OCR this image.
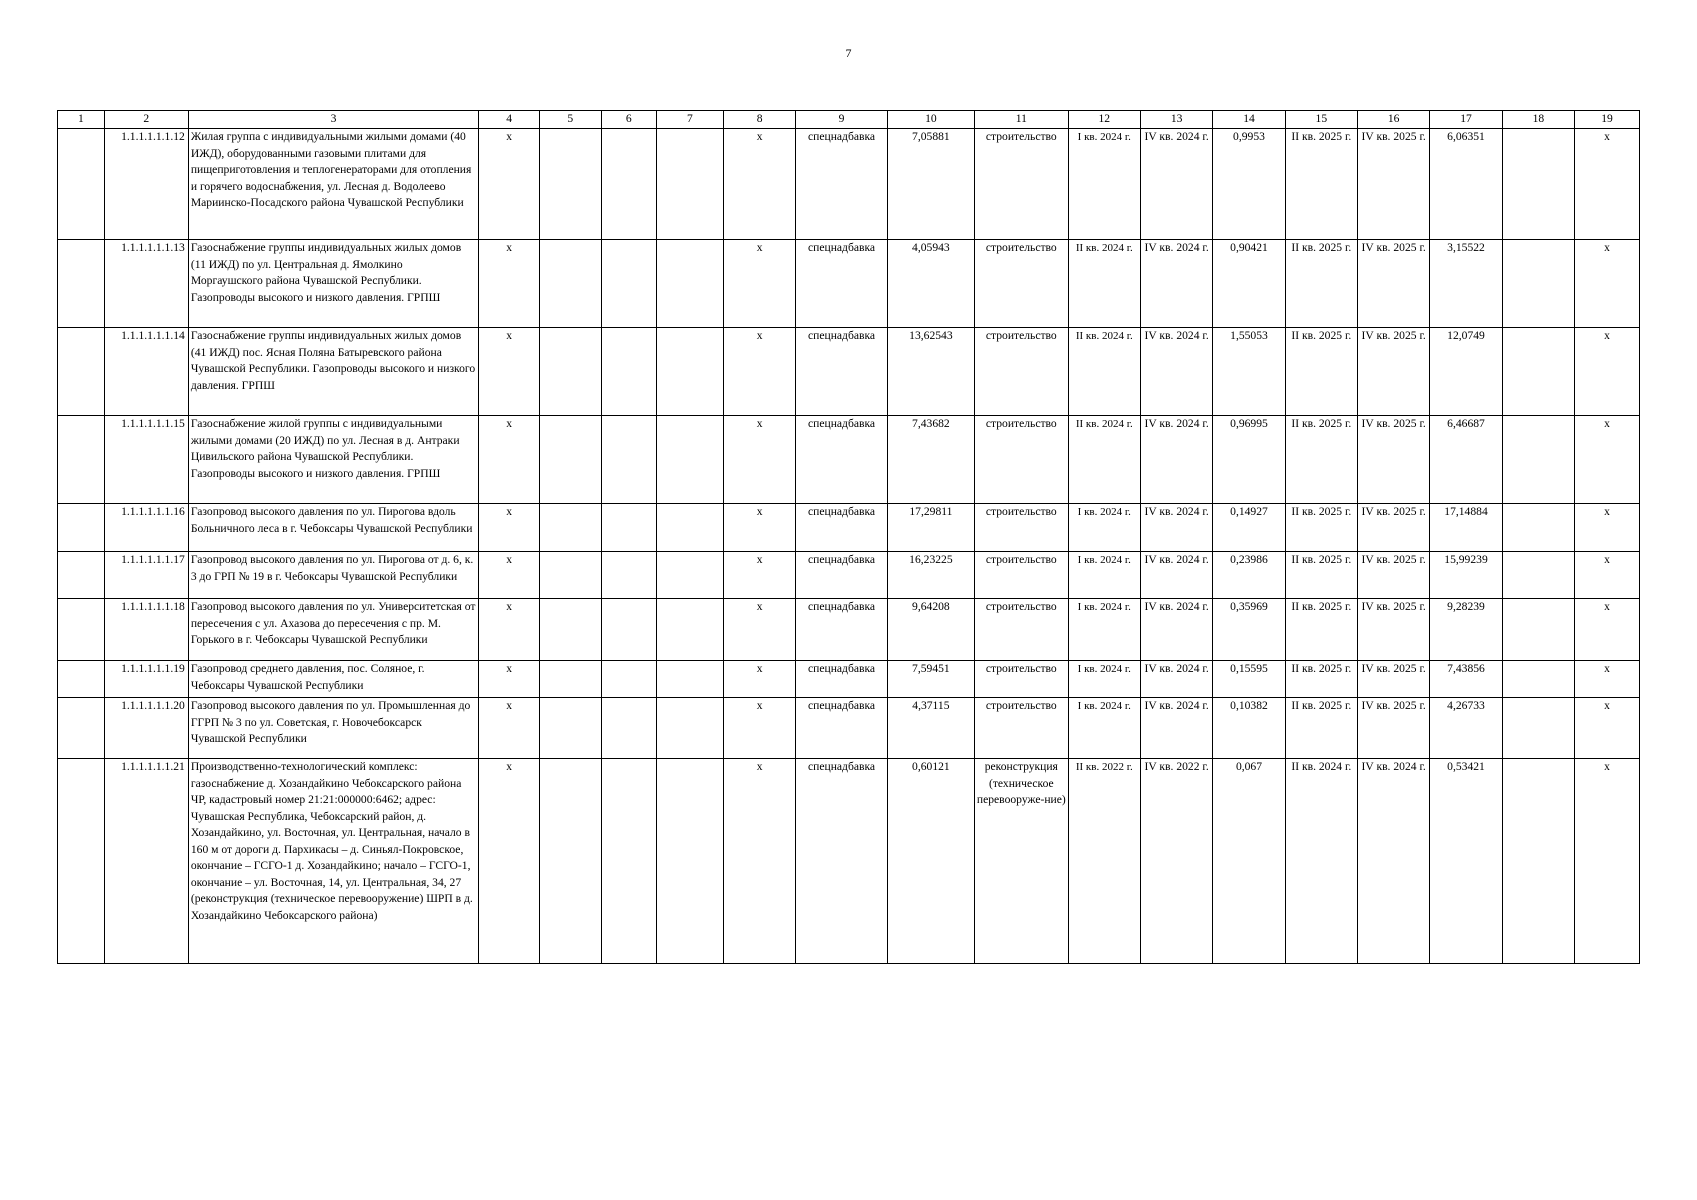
7
1	2	3	4	5	6	7	8	9	10	11	12	13	14	15	16	17	18	19
	1.1.1.1.1.1.12	Жилая группа с индивидуальными жилыми домами (40 ИЖД), оборудованными газовыми плитами для пищеприготовления и теплогенераторами для отопления и горячего водоснабжения, ул. Лесная д. Водолеево Мариинско-Посадского района Чувашской Республики	x				x	спецнадбавка	7,05881	строительство	I кв. 2024 г.	IV кв. 2024 г.	0,9953	II кв. 2025 г.	IV кв. 2025 г.	6,06351		x
	1.1.1.1.1.1.13	Газоснабжение группы индивидуальных жилых домов (11 ИЖД) по ул. Центральная д. Ямолкино Моргаушского района Чувашской Республики. Газопроводы высокого и низкого давления. ГРПШ	x				x	спецнадбавка	4,05943	строительство	II кв. 2024 г.	IV кв. 2024 г.	0,90421	II кв. 2025 г.	IV кв. 2025 г.	3,15522		x
	1.1.1.1.1.1.14	Газоснабжение группы индивидуальных жилых домов (41 ИЖД) пос. Ясная Поляна Батыревского района Чувашской Республики. Газопроводы высокого и низкого давления. ГРПШ	x				x	спецнадбавка	13,62543	строительство	II кв. 2024 г.	IV кв. 2024 г.	1,55053	II кв. 2025 г.	IV кв. 2025 г.	12,0749		x
	1.1.1.1.1.1.15	Газоснабжение жилой группы с индивидуальными жилыми домами (20 ИЖД) по ул. Лесная в д. Антраки Цивильского района Чувашской Республики. Газопроводы высокого и низкого давления. ГРПШ	x				x	спецнадбавка	7,43682	строительство	II кв. 2024 г.	IV кв. 2024 г.	0,96995	II кв. 2025 г.	IV кв. 2025 г.	6,46687		x
	1.1.1.1.1.1.16	Газопровод высокого давления по ул. Пирогова вдоль Больничного леса в г. Чебоксары Чувашской Республики	x				x	спецнадбавка	17,29811	строительство	I кв. 2024 г.	IV кв. 2024 г.	0,14927	II кв. 2025 г.	IV кв. 2025 г.	17,14884		x
	1.1.1.1.1.1.17	Газопровод высокого давления по ул. Пирогова от д. 6, к. 3 до ГРП № 19 в г. Чебоксары Чувашской Республики	x				x	спецнадбавка	16,23225	строительство	I кв. 2024 г.	IV кв. 2024 г.	0,23986	II кв. 2025 г.	IV кв. 2025 г.	15,99239		x
	1.1.1.1.1.1.18	Газопровод высокого давления по ул. Университетская от пересечения с ул. Ахазова до пересечения с пр. М. Горького в г. Чебоксары Чувашской Республики	x				x	спецнадбавка	9,64208	строительство	I кв. 2024 г.	IV кв. 2024 г.	0,35969	II кв. 2025 г.	IV кв. 2025 г.	9,28239		x
	1.1.1.1.1.1.19	Газопровод среднего давления, пос. Соляное, г. Чебоксары Чувашской Республики	x				x	спецнадбавка	7,59451	строительство	I кв. 2024 г.	IV кв. 2024 г.	0,15595	II кв. 2025 г.	IV кв. 2025 г.	7,43856		x
	1.1.1.1.1.1.20	Газопровод высокого давления по ул. Промышленная до ГГРП № 3 по ул. Советская, г. Новочебоксарск Чувашской Республики	x				x	спецнадбавка	4,37115	строительство	I кв. 2024 г.	IV кв. 2024 г.	0,10382	II кв. 2025 г.	IV кв. 2025 г.	4,26733		x
	1.1.1.1.1.1.21	Производственно-технологический комплекс: газоснабжение д. Хозандайкино Чебоксарского района ЧР, кадастровый номер 21:21:000000:6462; адрес: Чувашская Республика, Чебоксарский район, д. Хозандайкино, ул. Восточная, ул. Центральная, начало в 160 м от дороги д. Пархикасы – д. Синьял-Покровское, окончание – ГСГО-1 д. Хозандайкино; начало – ГСГО-1, окончание – ул. Восточная, 14, ул. Центральная, 34, 27 (реконструкция (техническое перевооружение) ШРП в д. Хозандайкино Чебоксарского района)	x				x	спецнадбавка	0,60121	реконструкция (техническое перевооруже-ние)	II кв. 2022 г.	IV кв. 2022 г.	0,067	II кв. 2024 г.	IV кв. 2024 г.	0,53421		x
